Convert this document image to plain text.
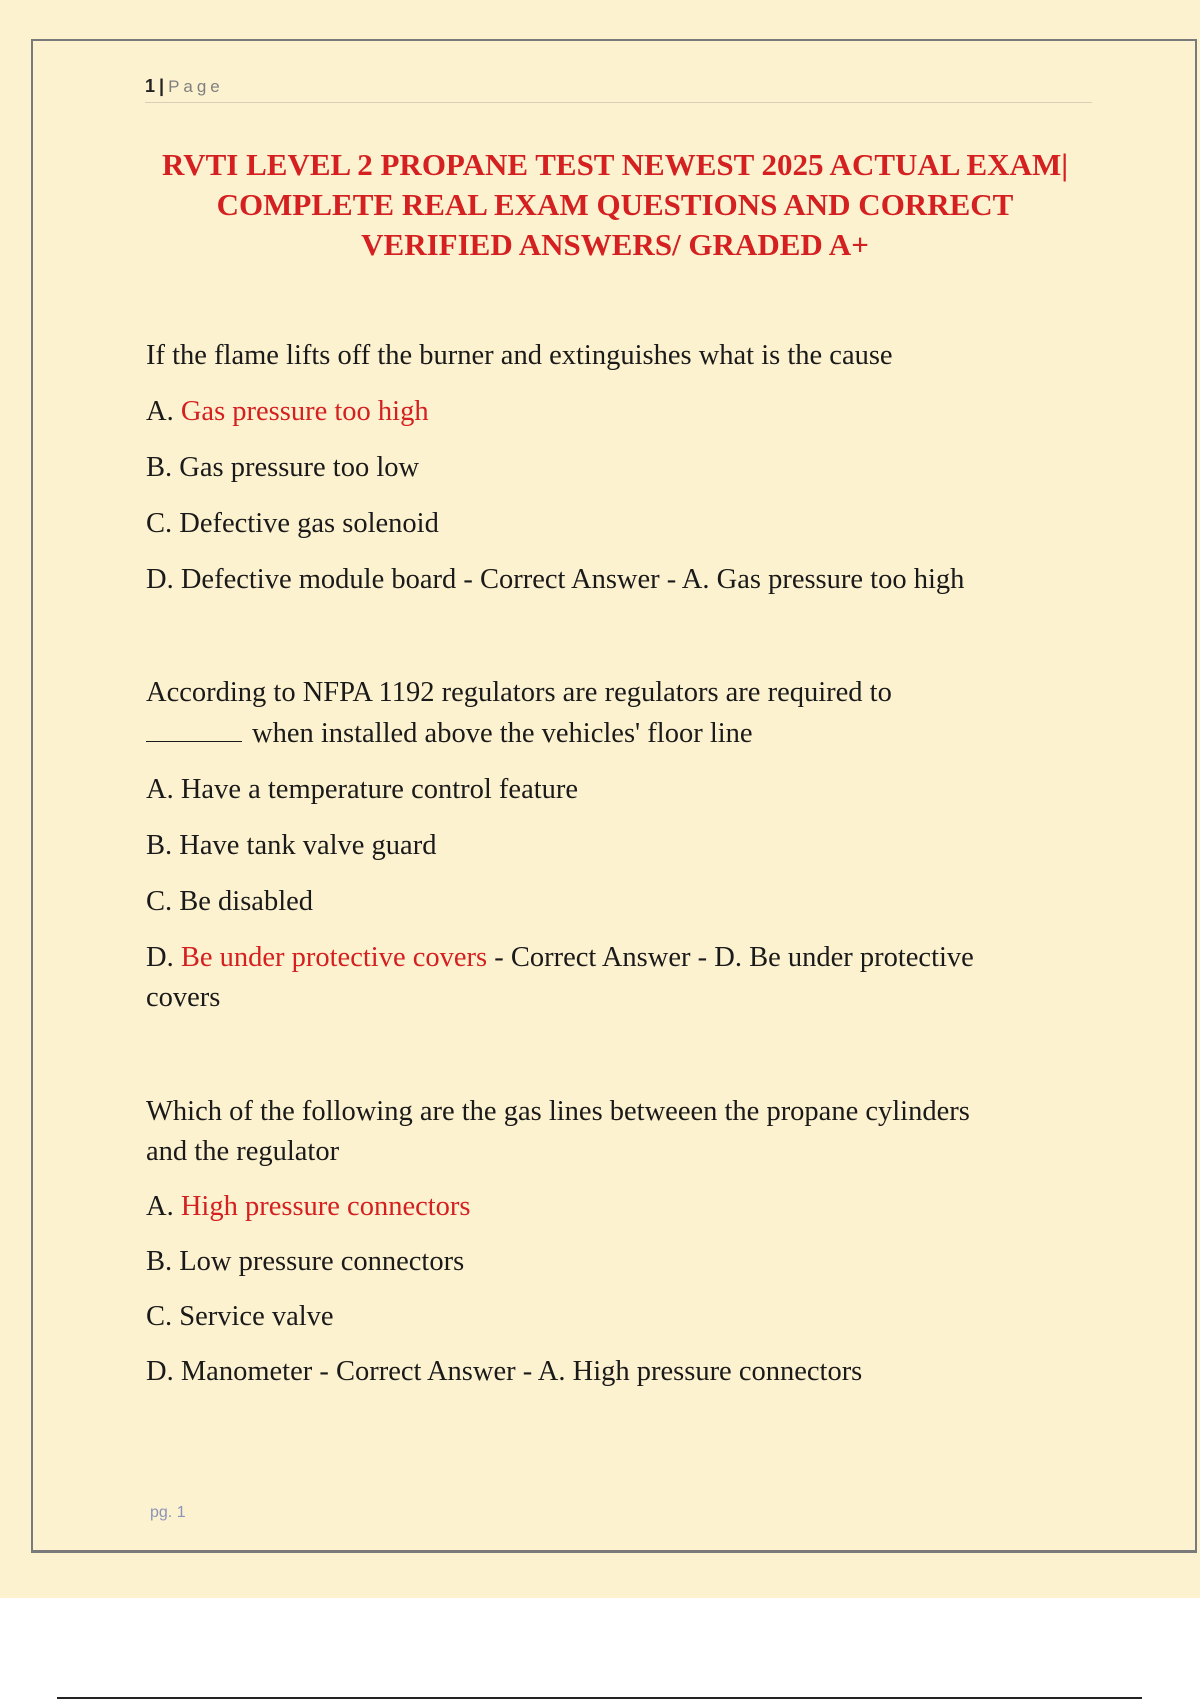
1 | Page
RVTI LEVEL 2 PROPANE TEST NEWEST 2025 ACTUAL EXAM|
COMPLETE REAL EXAM QUESTIONS AND CORRECT
VERIFIED ANSWERS/ GRADED A+

If the flame lifts off the burner and extinguishes what is the cause

A. Gas pressure too high

B. Gas pressure too low

C. Defective gas solenoid

D. Defective module board - Correct Answer - A. Gas pressure too high

According to NFPA 1192 regulators are regulators are required to

when installed above the vehicles' floor line

A. Have a temperature control feature

B. Have tank valve guard

C. Be disabled

D. Be under protective covers - Correct Answer - D. Be under protective

covers

Which of the following are the gas lines betweeen the propane cylinders

and the regulator

A. High pressure connectors

B. Low pressure connectors

C. Service valve

D. Manometer - Correct Answer - A. High pressure connectors

pg. 1
